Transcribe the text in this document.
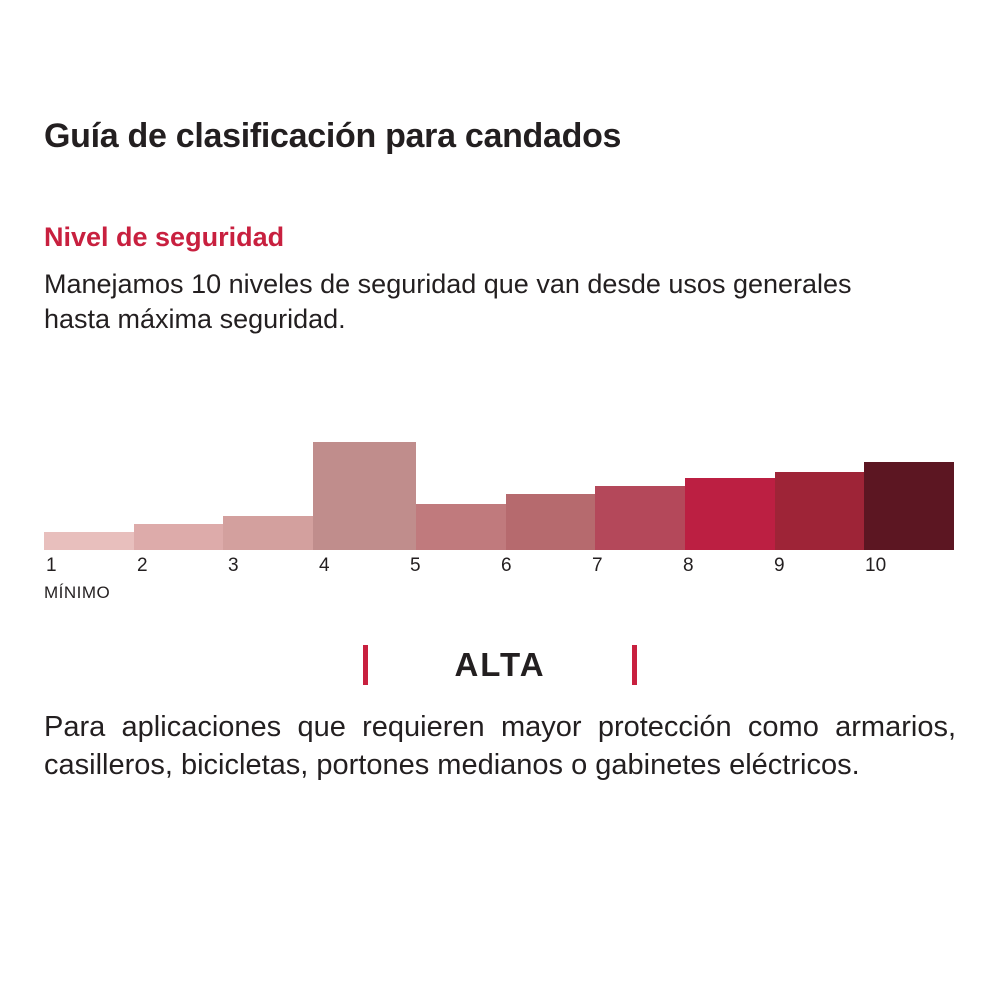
Guía de clasificación para candados
Nivel de seguridad

Manejamos 10 niveles de seguridad que van desde usos generales hasta máxima seguridad.

1	2	3	4	5	6	7	8	9	10
MÍNIMO
ALTA

Para aplicaciones que requieren mayor protección como armarios, casilleros, bicicletas, portones medianos o gabinetes eléctricos.
